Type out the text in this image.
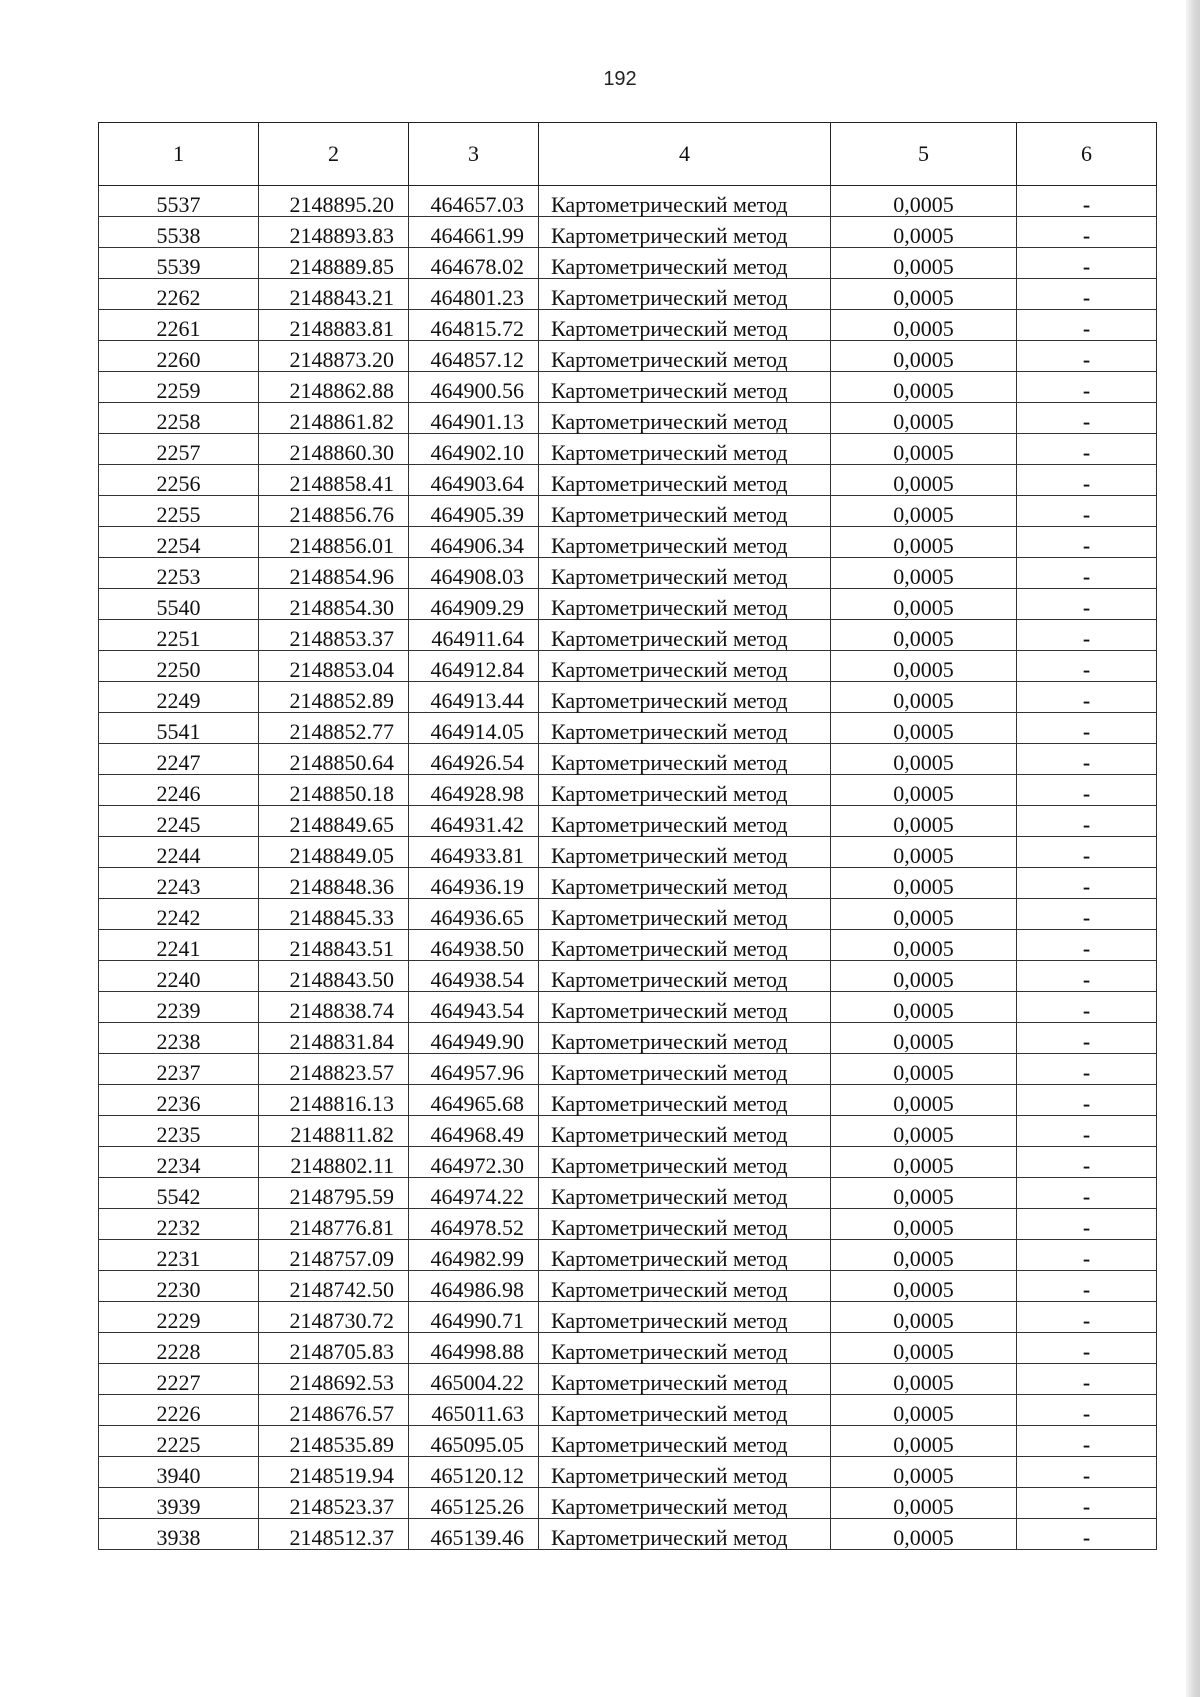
192
1	2	3	4	5	6
5537	2148895.20	464657.03	Картометрический метод	0,0005	-
5538	2148893.83	464661.99	Картометрический метод	0,0005	-
5539	2148889.85	464678.02	Картометрический метод	0,0005	-
2262	2148843.21	464801.23	Картометрический метод	0,0005	-
2261	2148883.81	464815.72	Картометрический метод	0,0005	-
2260	2148873.20	464857.12	Картометрический метод	0,0005	-
2259	2148862.88	464900.56	Картометрический метод	0,0005	-
2258	2148861.82	464901.13	Картометрический метод	0,0005	-
2257	2148860.30	464902.10	Картометрический метод	0,0005	-
2256	2148858.41	464903.64	Картометрический метод	0,0005	-
2255	2148856.76	464905.39	Картометрический метод	0,0005	-
2254	2148856.01	464906.34	Картометрический метод	0,0005	-
2253	2148854.96	464908.03	Картометрический метод	0,0005	-
5540	2148854.30	464909.29	Картометрический метод	0,0005	-
2251	2148853.37	464911.64	Картометрический метод	0,0005	-
2250	2148853.04	464912.84	Картометрический метод	0,0005	-
2249	2148852.89	464913.44	Картометрический метод	0,0005	-
5541	2148852.77	464914.05	Картометрический метод	0,0005	-
2247	2148850.64	464926.54	Картометрический метод	0,0005	-
2246	2148850.18	464928.98	Картометрический метод	0,0005	-
2245	2148849.65	464931.42	Картометрический метод	0,0005	-
2244	2148849.05	464933.81	Картометрический метод	0,0005	-
2243	2148848.36	464936.19	Картометрический метод	0,0005	-
2242	2148845.33	464936.65	Картометрический метод	0,0005	-
2241	2148843.51	464938.50	Картометрический метод	0,0005	-
2240	2148843.50	464938.54	Картометрический метод	0,0005	-
2239	2148838.74	464943.54	Картометрический метод	0,0005	-
2238	2148831.84	464949.90	Картометрический метод	0,0005	-
2237	2148823.57	464957.96	Картометрический метод	0,0005	-
2236	2148816.13	464965.68	Картометрический метод	0,0005	-
2235	2148811.82	464968.49	Картометрический метод	0,0005	-
2234	2148802.11	464972.30	Картометрический метод	0,0005	-
5542	2148795.59	464974.22	Картометрический метод	0,0005	-
2232	2148776.81	464978.52	Картометрический метод	0,0005	-
2231	2148757.09	464982.99	Картометрический метод	0,0005	-
2230	2148742.50	464986.98	Картометрический метод	0,0005	-
2229	2148730.72	464990.71	Картометрический метод	0,0005	-
2228	2148705.83	464998.88	Картометрический метод	0,0005	-
2227	2148692.53	465004.22	Картометрический метод	0,0005	-
2226	2148676.57	465011.63	Картометрический метод	0,0005	-
2225	2148535.89	465095.05	Картометрический метод	0,0005	-
3940	2148519.94	465120.12	Картометрический метод	0,0005	-
3939	2148523.37	465125.26	Картометрический метод	0,0005	-
3938	2148512.37	465139.46	Картометрический метод	0,0005	-
